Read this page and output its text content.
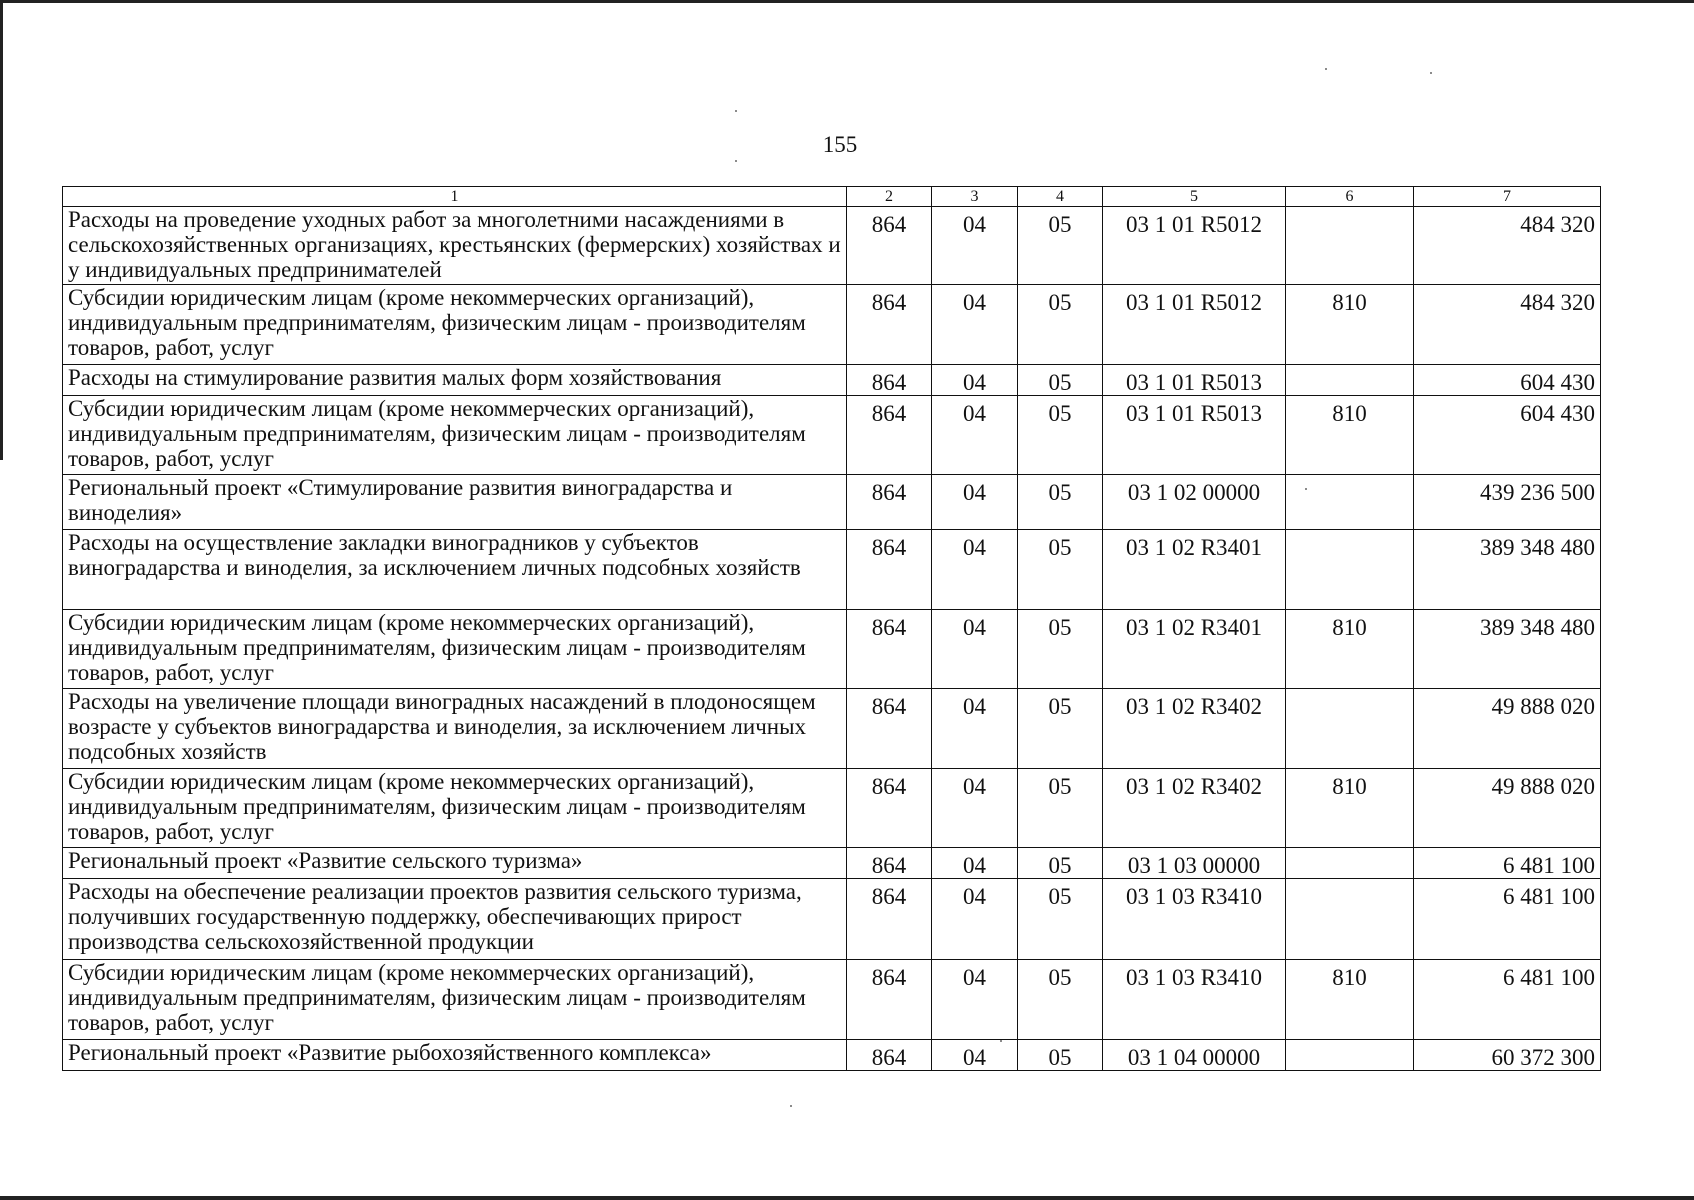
155
1	2	3	4	5	6	7
Расходы на проведение уходных работ за многолетними насаждениями в сельскохозяйственных организациях, крестьянских (фермерских) хозяйствах и у индивидуальных предпринимателей	864	04	05	03 1 01 R5012		484 320
Субсидии юридическим лицам (кроме некоммерческих организаций), индивидуальным предпринимателям, физическим лицам - производителям товаров, работ, услуг	864	04	05	03 1 01 R5012	810	484 320
Расходы на стимулирование развития малых форм хозяйствования	864	04	05	03 1 01 R5013		604 430
Субсидии юридическим лицам (кроме некоммерческих организаций), индивидуальным предпринимателям, физическим лицам - производителям товаров, работ, услуг	864	04	05	03 1 01 R5013	810	604 430
Региональный проект «Стимулирование развития виноградарства и виноделия»	864	04	05	03 1 02 00000		439 236 500
Расходы на осуществление закладки виноградников у субъектов виноградарства и виноделия, за исключением личных подсобных хозяйств	864	04	05	03 1 02 R3401		389 348 480
Субсидии юридическим лицам (кроме некоммерческих организаций), индивидуальным предпринимателям, физическим лицам - производителям товаров, работ, услуг	864	04	05	03 1 02 R3401	810	389 348 480
Расходы на увеличение площади виноградных насаждений в плодоносящем возрасте у субъектов виноградарства и виноделия, за исключением личных подсобных хозяйств	864	04	05	03 1 02 R3402		49 888 020
Субсидии юридическим лицам (кроме некоммерческих организаций), индивидуальным предпринимателям, физическим лицам - производителям товаров, работ, услуг	864	04	05	03 1 02 R3402	810	49 888 020
Региональный проект «Развитие сельского туризма»	864	04	05	03 1 03 00000		6 481 100
Расходы на обеспечение реализации проектов развития сельского туризма, получивших государственную поддержку, обеспечивающих прирост производства сельскохозяйственной продукции	864	04	05	03 1 03 R3410		6 481 100
Субсидии юридическим лицам (кроме некоммерческих организаций), индивидуальным предпринимателям, физическим лицам - производителям товаров, работ, услуг	864	04	05	03 1 03 R3410	810	6 481 100
Региональный проект «Развитие рыбохозяйственного комплекса»	864	04	05	03 1 04 00000		60 372 300
